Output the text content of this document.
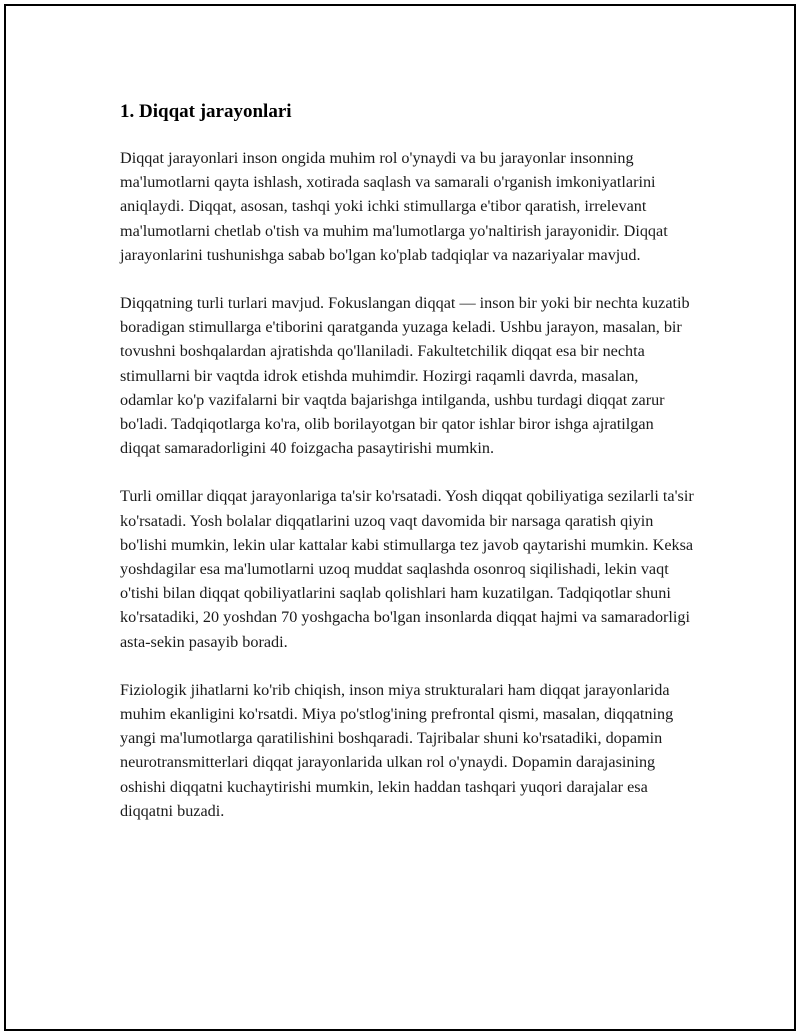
1. Diqqat jarayonlari

Diqqat jarayonlari inson ongida muhim rol o'ynaydi va bu jarayonlar insonning ma'lumotlarni qayta ishlash, xotirada saqlash va samarali o'rganish imkoniyatlarini aniqlaydi. Diqqat, asosan, tashqi yoki ichki stimullarga e'tibor qaratish, irrelevant ma'lumotlarni chetlab o'tish va muhim ma'lumotlarga yo'naltirish jarayonidir. Diqqat jarayonlarini tushunishga sabab bo'lgan ko'plab tadqiqlar va nazariyalar mavjud.

Diqqatning turli turlari mavjud. Fokuslangan diqqat — inson bir yoki bir nechta kuzatib boradigan stimullarga e'tiborini qaratganda yuzaga keladi. Ushbu jarayon, masalan, bir tovushni boshqalardan ajratishda qo'llaniladi. Fakultetchilik diqqat esa bir nechta stimullarni bir vaqtda idrok etishda muhimdir. Hozirgi raqamli davrda, masalan, odamlar ko'p vazifalarni bir vaqtda bajarishga intilganda, ushbu turdagi diqqat zarur bo'ladi. Tadqiqotlarga ko'ra, olib borilayotgan bir qator ishlar biror ishga ajratilgan diqqat samaradorligini 40 foizgacha pasaytirishi mumkin.

Turli omillar diqqat jarayonlariga ta'sir ko'rsatadi. Yosh diqqat qobiliyatiga sezilarli ta'sir ko'rsatadi. Yosh bolalar diqqatlarini uzoq vaqt davomida bir narsaga qaratish qiyin bo'lishi mumkin, lekin ular kattalar kabi stimullarga tez javob qaytarishi mumkin. Keksa yoshdagilar esa ma'lumotlarni uzoq muddat saqlashda osonroq siqilishadi, lekin vaqt o'tishi bilan diqqat qobiliyatlarini saqlab qolishlari ham kuzatilgan. Tadqiqotlar shuni ko'rsatadiki, 20 yoshdan 70 yoshgacha bo'lgan insonlarda diqqat hajmi va samaradorligi asta-sekin pasayib boradi.

Fiziologik jihatlarni ko'rib chiqish, inson miya strukturalari ham diqqat jarayonlarida muhim ekanligini ko'rsatdi. Miya po'stlog'ining prefrontal qismi, masalan, diqqatning yangi ma'lumotlarga qaratilishini boshqaradi. Tajribalar shuni ko'rsatadiki, dopamin neurotransmitterlari diqqat jarayonlarida ulkan rol o'ynaydi. Dopamin darajasining oshishi diqqatni kuchaytirishi mumkin, lekin haddan tashqari yuqori darajalar esa diqqatni buzadi.
